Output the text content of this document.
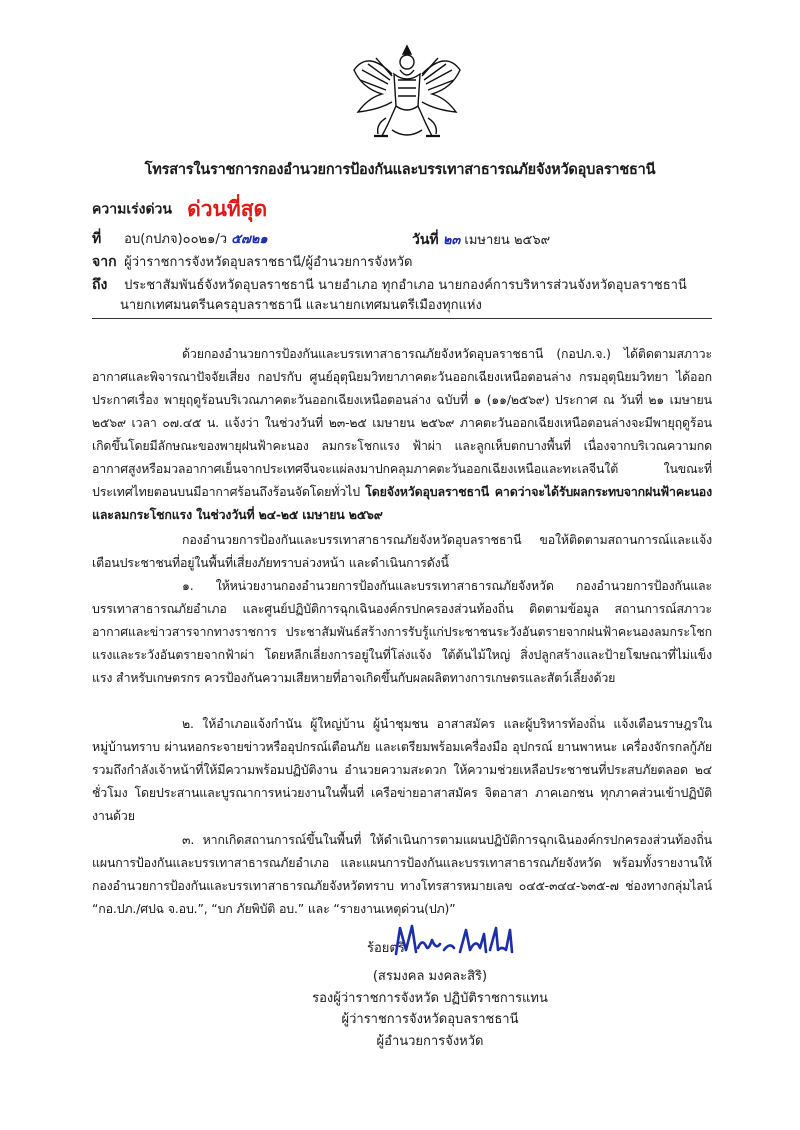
โทรสารในราชการกองอำนวยการป้องกันและบรรเทาสาธารณภัยจังหวัดอุบลราชธานี
ความเร่งด่วน ด่วนที่สุด
ที่ อบ(กปภจ)๐๐๒๑/ว ๕๗๒๑	วันที่ ๒๓ เมษายน ๒๕๖๙
จาก ผู้ว่าราชการจังหวัดอุบลราชธานี/ผู้อำนวยการจังหวัด
ถึง ประชาสัมพันธ์จังหวัดอุบลราชธานี นายอำเภอ ทุกอำเภอ นายกองค์การบริหารส่วนจังหวัดอุบลราชธานี
นายกเทศมนตรีนครอุบลราชธานี และนายกเทศมนตรีเมืองทุกแห่ง
ด้วยกองอำนวยการป้องกันและบรรเทาสาธารณภัยจังหวัดอุบลราชธานี (กอปภ.จ.) ได้ติดตามสภาวะอากาศและพิจารณาปัจจัยเสี่ยง กอปรกับ ศูนย์อุตุนิยมวิทยาภาคตะวันออกเฉียงเหนือตอนล่าง กรมอุตุนิยมวิทยา ได้ออกประกาศเรื่อง พายุฤดูร้อนบริเวณภาคตะวันออกเฉียงเหนือตอนล่าง ฉบับที่ ๑ (๑๑/๒๕๖๙) ประกาศ ณ วันที่ ๒๑ เมษายน ๒๕๖๙ เวลา ๐๗.๔๕ น. แจ้งว่า ในช่วงวันที่ ๒๓-๒๕ เมษายน ๒๕๖๙ ภาคตะวันออกเฉียงเหนือตอนล่างจะมีพายุฤดูร้อนเกิดขึ้นโดยมีลักษณะของพายุฝนฟ้าคะนอง ลมกระโชกแรง ฟ้าผ่า และลูกเห็บตกบางพื้นที่ เนื่องจากบริเวณความกดอากาศสูงหรือมวลอากาศเย็นจากประเทศจีนจะแผ่ลงมาปกคลุมภาคตะวันออกเฉียงเหนือและทะเลจีนใต้ ในขณะที่ประเทศไทยตอนบนมีอากาศร้อนถึงร้อนจัดโดยทั่วไป โดยจังหวัดอุบลราชธานี คาดว่าจะได้รับผลกระทบจากฝนฟ้าคะนองและลมกระโชกแรง ในช่วงวันที่ ๒๔-๒๕ เมษายน ๒๕๖๙
กองอำนวยการป้องกันและบรรเทาสาธารณภัยจังหวัดอุบลราชธานี ขอให้ติดตามสถานการณ์และแจ้งเตือนประชาชนที่อยู่ในพื้นที่เสี่ยงภัยทราบล่วงหน้า และดำเนินการดังนี้
๑. ให้หน่วยงานกองอำนวยการป้องกันและบรรเทาสาธารณภัยจังหวัด กองอำนวยการป้องกันและบรรเทาสาธารณภัยอำเภอ และศูนย์ปฏิบัติการฉุกเฉินองค์กรปกครองส่วนท้องถิ่น ติดตามข้อมูล สถานการณ์สภาวะอากาศและข่าวสารจากทางราชการ ประชาสัมพันธ์สร้างการรับรู้แก่ประชาชนระวังอันตรายจากฝนฟ้าคะนองลมกระโชกแรงและระวังอันตรายจากฟ้าผ่า โดยหลีกเลี่ยงการอยู่ในที่โล่งแจ้ง ใต้ต้นไม้ใหญ่ สิ่งปลูกสร้างและป้ายโฆษณาที่ไม่แข็งแรง สำหรับเกษตรกร ควรป้องกันความเสียหายที่อาจเกิดขึ้นกับผลผลิตทางการเกษตรและสัตว์เลี้ยงด้วย
๒. ให้อำเภอแจ้งกำนัน ผู้ใหญ่บ้าน ผู้นำชุมชน อาสาสมัคร และผู้บริหารท้องถิ่น แจ้งเตือนราษฎรในหมู่บ้านทราบ ผ่านหอกระจายข่าวหรืออุปกรณ์เตือนภัย และเตรียมพร้อมเครื่องมือ อุปกรณ์ ยานพาหนะ เครื่องจักรกลกู้ภัย รวมถึงกำลังเจ้าหน้าที่ให้มีความพร้อมปฏิบัติงาน อำนวยความสะดวก ให้ความช่วยเหลือประชาชนที่ประสบภัยตลอด ๒๔ ชั่วโมง โดยประสานและบูรณาการหน่วยงานในพื้นที่ เครือข่ายอาสาสมัคร จิตอาสา ภาคเอกชน ทุกภาคส่วนเข้าปฏิบัติงานด้วย
๓. หากเกิดสถานการณ์ขึ้นในพื้นที่ ให้ดำเนินการตามแผนปฏิบัติการฉุกเฉินองค์กรปกครองส่วนท้องถิ่น แผนการป้องกันและบรรเทาสาธารณภัยอำเภอ และแผนการป้องกันและบรรเทาสาธารณภัยจังหวัด พร้อมทั้งรายงานให้กองอำนวยการป้องกันและบรรเทาสาธารณภัยจังหวัดทราบ ทางโทรสารหมายเลข ๐๔๕-๓๔๔-๖๓๕-๗ ช่องทางกลุ่มไลน์ “กอ.ปภ./ศปฉ จ.อบ.”, “บก ภัยพิบัติ อบ.” และ “รายงานเหตุด่วน(ปภ)”
ร้อยตรี
(สรมงคล มงคละสิริ)
รองผู้ว่าราชการจังหวัด ปฏิบัติราชการแทน
ผู้ว่าราชการจังหวัดอุบลราชธานี
ผู้อำนวยการจังหวัด
